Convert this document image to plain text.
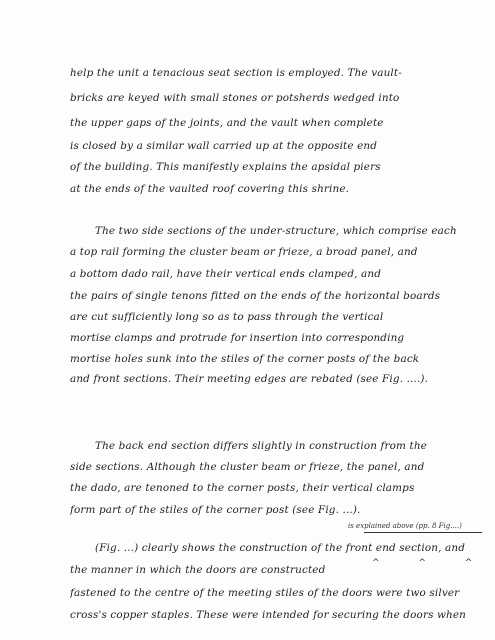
help the unit a tenacious seat section is employed. The vault-
bricks are keyed with small stones or potsherds wedged into
the upper gaps of the joints, and the vault when complete
is closed by a similar wall carried up at the opposite end
of the building. This manifestly explains the apsidal piers
at the ends of the vaulted roof covering this shrine.
The two side sections of the under-structure, which comprise each
a top rail forming the cluster beam or frieze, a broad panel, and
a bottom dado rail, have their vertical ends clamped, and
the pairs of single tenons fitted on the ends of the horizontal boards
are cut sufficiently long so as to pass through the vertical
mortise clamps and protrude for insertion into corresponding
mortise holes sunk into the stiles of the corner posts of the back
and front sections. Their meeting edges are rebated (see Fig. ....).
The back end section differs slightly in construction from the
side sections. Although the cluster beam or frieze, the panel, and
the dado, are tenoned to the corner posts, their vertical clamps
form part of the stiles of the corner post (see Fig. ...).
(Fig. ...) clearly shows the construction of the front end section, and
is explained above (pp. 8 Fig....)
the manner in which the doors are constructed
^ ^ ^
fastened to the centre of the meeting stiles of the doors were two silver
cross's copper staples. These were intended for securing the doors when
